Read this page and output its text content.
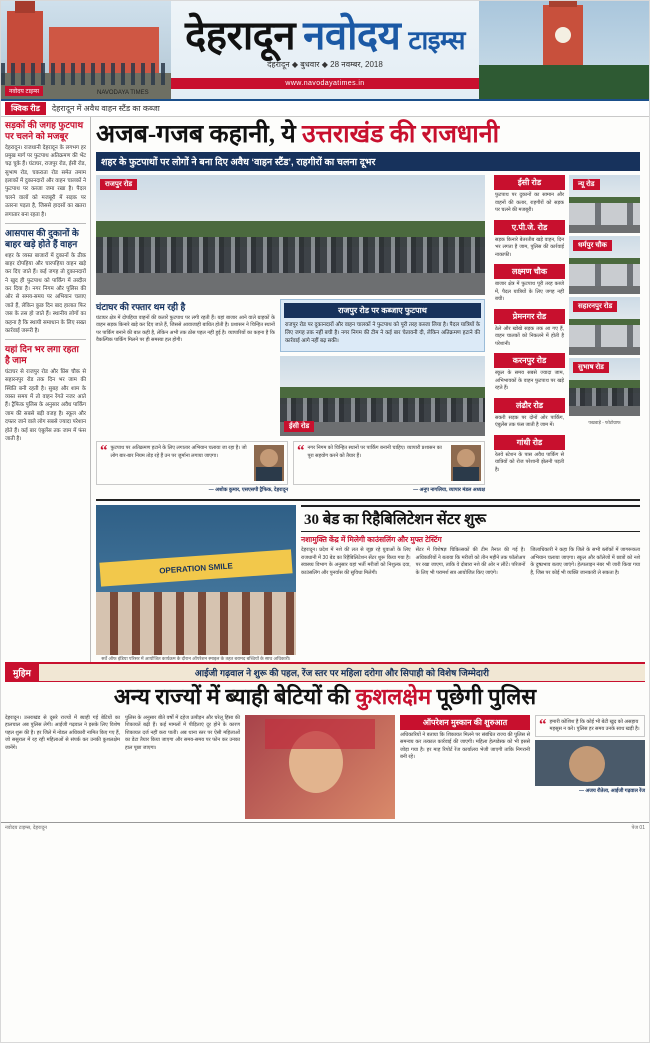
नवोदय टाइम्स	NAVODAYA TIMES
देहरादून नवोदय टाइम्स
देहरादून ◆ बुधवार ◆ 28 नवम्बर, 2018
www.navodayatimes.in
क्विक रीड	देहरादून में अवैध वाहन स्टैंड का कब्जा
सड़कों की जगह फुटपाथ पर चलने को मजबूर
देहरादून। राजधानी देहरादून के लगभग हर प्रमुख मार्ग पर फुटपाथ अतिक्रमण की भेंट चढ़ चुके हैं। घंटाघर, राजपुर रोड, ईसी रोड, सुभाष रोड, चकराता रोड समेत तमाम इलाकों में दुकानदारों और वाहन चालकों ने फुटपाथ पर कब्जा जमा रखा है। पैदल चलने वालों को मजबूरी में सड़क पर उतरना पड़ता है, जिससे हादसों का खतरा लगातार बना रहता है।
आसपास की दुकानों के बाहर खड़े होते हैं वाहन
शहर के व्यस्त बाजारों में दुकानों के ठीक बाहर दोपहिया और चारपहिया वाहन खड़े कर दिए जाते हैं। कई जगह तो दुकानदारों ने खुद ही फुटपाथ को पार्किंग में तब्दील कर दिया है। नगर निगम और पुलिस की ओर से समय-समय पर अभियान चलाए जाते हैं, लेकिन कुछ दिन बाद हालात फिर जस के तस हो जाते हैं। स्थानीय लोगों का कहना है कि स्थायी समाधान के लिए सख्त कार्रवाई जरूरी है।
यहां दिन भर लगा रहता है जाम
घंटाघर से राजपुर रोड और प्रिंस चौक से सहारनपुर रोड तक दिन भर जाम की स्थिति बनी रहती है। सुबह और शाम के व्यस्त समय में तो वाहन रेंगते नजर आते हैं। ट्रैफिक पुलिस के अनुसार अवैध पार्किंग जाम की सबसे बड़ी वजह है। स्कूल और दफ्तर जाने वाले लोग सबसे ज्यादा परेशान होते हैं। कई बार एंबुलेंस तक जाम में फंस जाती है।
अजब-गजब कहानी, ये उत्तराखंड की राजधानी
शहर के फुटपाथों पर लोगों ने बना दिए अवैध ‘वाहन स्टैंड’, राहगीरों का चलना दूभर
राजपुर रोड
घंटाघर की रफ्तार थम रही है
घंटाघर क्षेत्र में दोपहिया वाहनों की कतारें फुटपाथ पर लगी रहती हैं। यहां बाजार आने वाले ग्राहकों के वाहन सड़क किनारे खड़े कर दिए जाते हैं, जिससे आवाजाही बाधित होती है। प्रशासन ने चिन्हित स्थानों पर पार्किंग बनाने की बात कही है, लेकिन अभी तक ठोस पहल नहीं हुई है। व्यापारियों का कहना है कि वैकल्पिक पार्किंग मिलने पर ही समस्या हल होगी।
राजपुर रोड पर कब्जाए फुटपाथ
राजपुर रोड पर दुकानदारों और वाहन चालकों ने फुटपाथ को पूरी तरह कब्जा लिया है। पैदल यात्रियों के लिए जगह तक नहीं बची है। नगर निगम की टीम ने कई बार चेतावनी दी, लेकिन अतिक्रमण हटाने की कार्रवाई आगे नहीं बढ़ सकी।
ईसी रोड
“ फुटपाथ पर अतिक्रमण हटाने के लिए लगातार अभियान चलाया जा रहा है। जो लोग बार-बार नियम तोड़ रहे हैं उन पर जुर्माना लगाया जाएगा।
— अशोक कुमार, एसएसपी ट्रैफिक, देहरादून
“ नगर निगम को चिन्हित स्थानों पर पार्किंग बनानी चाहिए। व्यापारी प्रशासन का पूरा सहयोग करने को तैयार हैं।
— अनूप नागलिया, व्यापार मंडल अध्यक्ष
ईसी रोड
फुटपाथ पर दुकानों का सामान और वाहनों की कतार, राहगीरों को सड़क पर चलने की मजबूरी।
ए.पी.जे. रोड
सड़क किनारे बेतरतीब खड़े वाहन, दिन भर लगता है जाम, पुलिस की कार्रवाई नाकाफी।
लक्ष्मण चौक
बाजार क्षेत्र में फुटपाथ पूरी तरह कब्जे में, पैदल यात्रियों के लिए जगह नहीं बची।
प्रेमनगर रोड
ठेले और खोखे सड़क तक आ गए हैं, वाहन चालकों को निकलने में होती है परेशानी।
करनपुर रोड
स्कूल के समय सबसे ज्यादा जाम, अभिभावकों के वाहन फुटपाथ पर खड़े रहते हैं।
लंढौर रोड
सकरी सड़क पर दोनों ओर पार्किंग, एंबुलेंस तक फंस जाती है जाम में।
गांधी रोड
रेलवे स्टेशन के पास अवैध पार्किंग से यात्रियों को रोज परेशानी झेलनी पड़ती है।
न्यू रोड
धर्मपुर चौक
सहारनपुर रोड
सुभाष रोड
पखवाड़े - फोटोग्राफ
OPERATION SMILE
सर्वे ऑफ इंडिया परिसर में आयोजित कार्यक्रम के दौरान ऑपरेशन स्माइल के तहत बरामद बच्चियों के साथ अधिकारी।
30 बेड का रिहैबिलिटेशन सेंटर शुरू
नशामुक्ति केंद्र में मिलेगी काउंसलिंग और मुफ्त टेस्टिंग
देहरादून। प्रदेश में नशे की लत से जूझ रहे युवाओं के लिए राजधानी में 30 बेड का रिहैबिलिटेशन सेंटर शुरू किया गया है। स्वास्थ्य विभाग के अनुसार यहां भर्ती मरीजों को निशुल्क दवा, काउंसलिंग और पुनर्वास की सुविधा मिलेगी।
सेंटर में विशेषज्ञ चिकित्सकों की टीम तैनात की गई है। अधिकारियों ने बताया कि मरीजों को तीन महीने तक फॉलोअप पर रखा जाएगा, ताकि वे दोबारा नशे की ओर न लौटें। परिजनों के लिए भी परामर्श सत्र आयोजित किए जाएंगे।
जिलाधिकारी ने कहा कि जिले के सभी ब्लॉकों में जागरूकता अभियान चलाया जाएगा। स्कूल और कॉलेजों में छात्रों को नशे के दुष्प्रभाव बताए जाएंगे। हेल्पलाइन नंबर भी जारी किया गया है, जिस पर कोई भी व्यक्ति जानकारी ले सकता है।
मुहिम	आईजी गढ़वाल ने शुरू की पहल, रेंज स्तर पर महिला दरोगा और सिपाही को विशेष जिम्मेदारी
अन्य राज्यों में ब्याही बेटियों की कुशलक्षेम पूछेगी पुलिस
देहरादून। उत्तराखंड से दूसरे राज्यों में ब्याही गई बेटियों का हालचाल अब पुलिस लेगी। आईजी गढ़वाल ने इसके लिए विशेष पहल शुरू की है। हर जिले में नोडल अधिकारी नामित किए गए हैं, जो ससुराल में रह रही महिलाओं से संपर्क कर उनकी कुशलक्षेम जानेंगे।
पुलिस के अनुसार बीते वर्षों में दहेज उत्पीड़न और घरेलू हिंसा की शिकायतें बढ़ी हैं। कई मामलों में पीड़िताएं दूर होने के कारण शिकायत दर्ज नहीं करा पातीं। अब थाना स्तर पर ऐसी महिलाओं का डेटा तैयार किया जाएगा और समय-समय पर फोन कर उनका हाल पूछा जाएगा।
ऑपरेशन मुस्कान की शुरुआत
अधिकारियों ने बताया कि शिकायत मिलने पर संबंधित राज्य की पुलिस से समन्वय कर तत्काल कार्रवाई की जाएगी। महिला हेल्पडेस्क को भी इससे जोड़ा गया है। हर माह रिपोर्ट रेंज कार्यालय भेजी जाएगी ताकि निगरानी बनी रहे।
“ हमारी कोशिश है कि कोई भी बेटी खुद को असहाय महसूस न करे। पुलिस हर समय उनके साथ खड़ी है।
— अजय रौतेला, आईजी गढ़वाल रेंज
नवोदय टाइम्स, देहरादून	पेज 01
